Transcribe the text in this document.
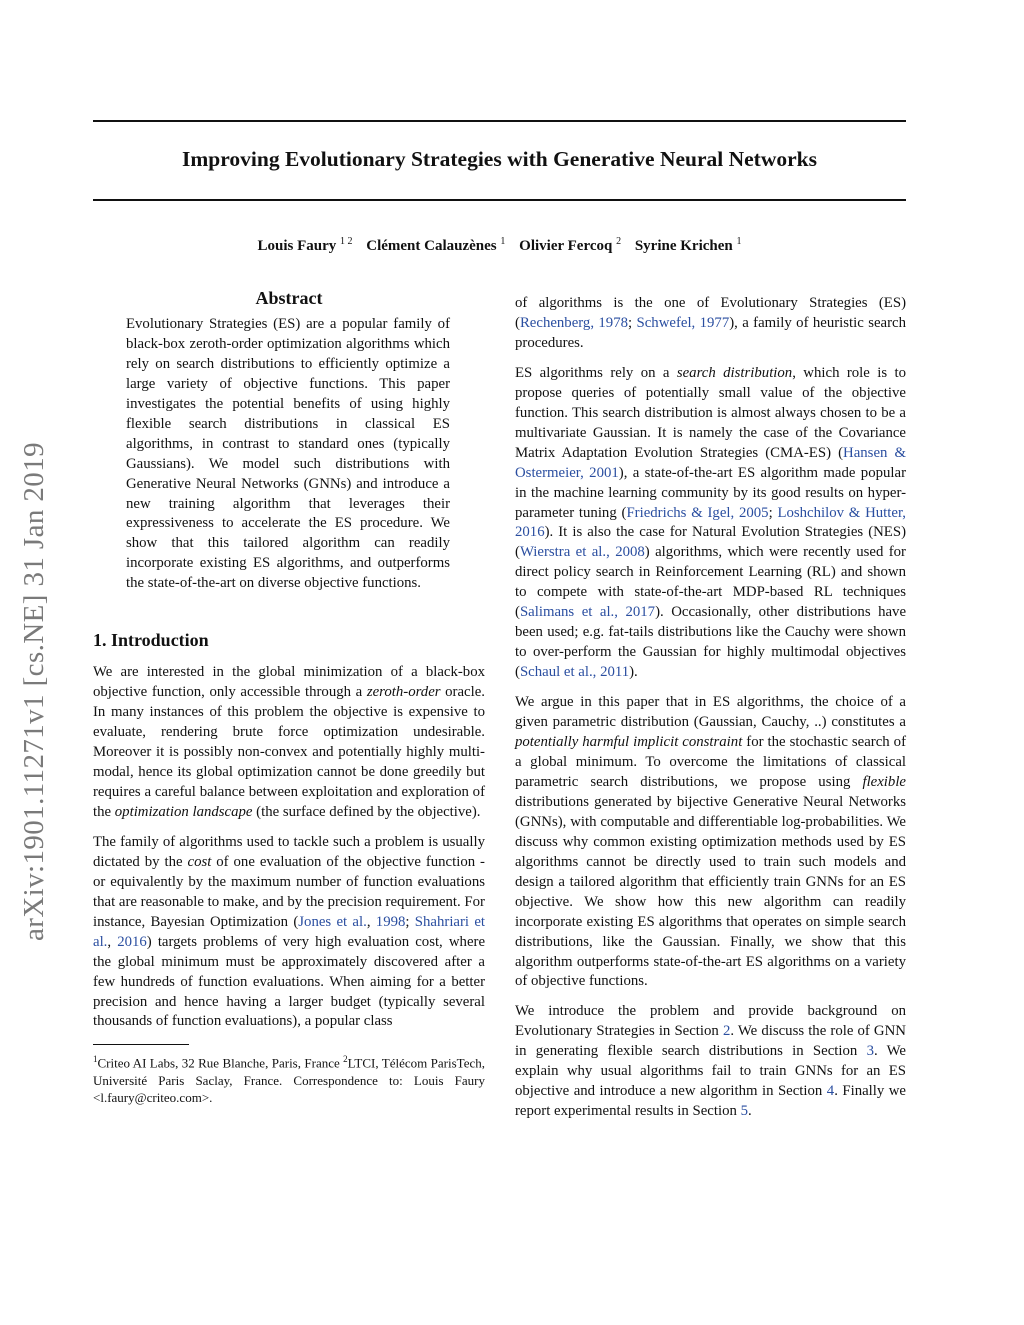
Improving Evolutionary Strategies with Generative Neural Networks
Louis Faury $^{1 2}$ Clément Calauzènes $^1$ Olivier Fercoq $^2$ Syrine Krichen $^1$
arXiv:1901.11271v1 [cs.NE] 31 Jan 2019
Abstract
Evolutionary Strategies (ES) are a popular family of black-box zeroth-order optimization algorithms which rely on search distributions to efficiently optimize a large variety of objective functions. This paper investigates the potential benefits of using highly flexible search distributions in classical ES algorithms, in contrast to standard ones (typically Gaussians). We model such distributions with Generative Neural Networks (GNNs) and introduce a new training algorithm that leverages their expressiveness to accelerate the ES procedure. We show that this tailored algorithm can readily incorporate existing ES algorithms, and outperforms the state-of-the-art on diverse objective functions.
1. Introduction

We are interested in the global minimization of a black-box objective function, only accessible through a zeroth-order oracle. In many instances of this problem the objective is expensive to evaluate, rendering brute force optimization undesirable. Moreover it is possibly non-convex and potentially highly multi-modal, hence its global optimization cannot be done greedily but requires a careful balance between exploitation and exploration of the optimization landscape (the surface defined by the objective).

The family of algorithms used to tackle such a problem is usually dictated by the cost of one evaluation of the objective function - or equivalently by the maximum number of function evaluations that are reasonable to make, and by the precision requirement. For instance, Bayesian Optimization (Jones et al., 1998; Shahriari et al., 2016) targets problems of very high evaluation cost, where the global minimum must be approximately discovered after a few hundreds of function evaluations. When aiming for a better precision and hence having a larger budget (typically several thousands of function evaluations), a popular class

$^1$Criteo AI Labs, 32 Rue Blanche, Paris, France $^2$LTCI, Télécom ParisTech, Université Paris Saclay, France. Correspondence to: Louis Faury <l.faury@criteo.com>.

of algorithms is the one of Evolutionary Strategies (ES) (Rechenberg, 1978; Schwefel, 1977), a family of heuristic search procedures.

ES algorithms rely on a search distribution, which role is to propose queries of potentially small value of the objective function. This search distribution is almost always chosen to be a multivariate Gaussian. It is namely the case of the Covariance Matrix Adaptation Evolution Strategies (CMA-ES) (Hansen & Ostermeier, 2001), a state-of-the-art ES algorithm made popular in the machine learning community by its good results on hyper-parameter tuning (Friedrichs & Igel, 2005; Loshchilov & Hutter, 2016). It is also the case for Natural Evolution Strategies (NES) (Wierstra et al., 2008) algorithms, which were recently used for direct policy search in Reinforcement Learning (RL) and shown to compete with state-of-the-art MDP-based RL techniques (Salimans et al., 2017). Occasionally, other distributions have been used; e.g. fat-tails distributions like the Cauchy were shown to over-perform the Gaussian for highly multimodal objectives (Schaul et al., 2011).

We argue in this paper that in ES algorithms, the choice of a given parametric distribution (Gaussian, Cauchy, ..) constitutes a potentially harmful implicit constraint for the stochastic search of a global minimum. To overcome the limitations of classical parametric search distributions, we propose using flexible distributions generated by bijective Generative Neural Networks (GNNs), with computable and differentiable log-probabilities. We discuss why common existing optimization methods used by ES algorithms cannot be directly used to train such models and design a tailored algorithm that efficiently train GNNs for an ES objective. We show how this new algorithm can readily incorporate existing ES algorithms that operates on simple search distributions, like the Gaussian. Finally, we show that this algorithm outperforms state-of-the-art ES algorithms on a variety of objective functions.

We introduce the problem and provide background on Evolutionary Strategies in Section 2. We discuss the role of GNN in generating flexible search distributions in Section 3. We explain why usual algorithms fail to train GNNs for an ES objective and introduce a new algorithm in Section 4. Finally we report experimental results in Section 5.
